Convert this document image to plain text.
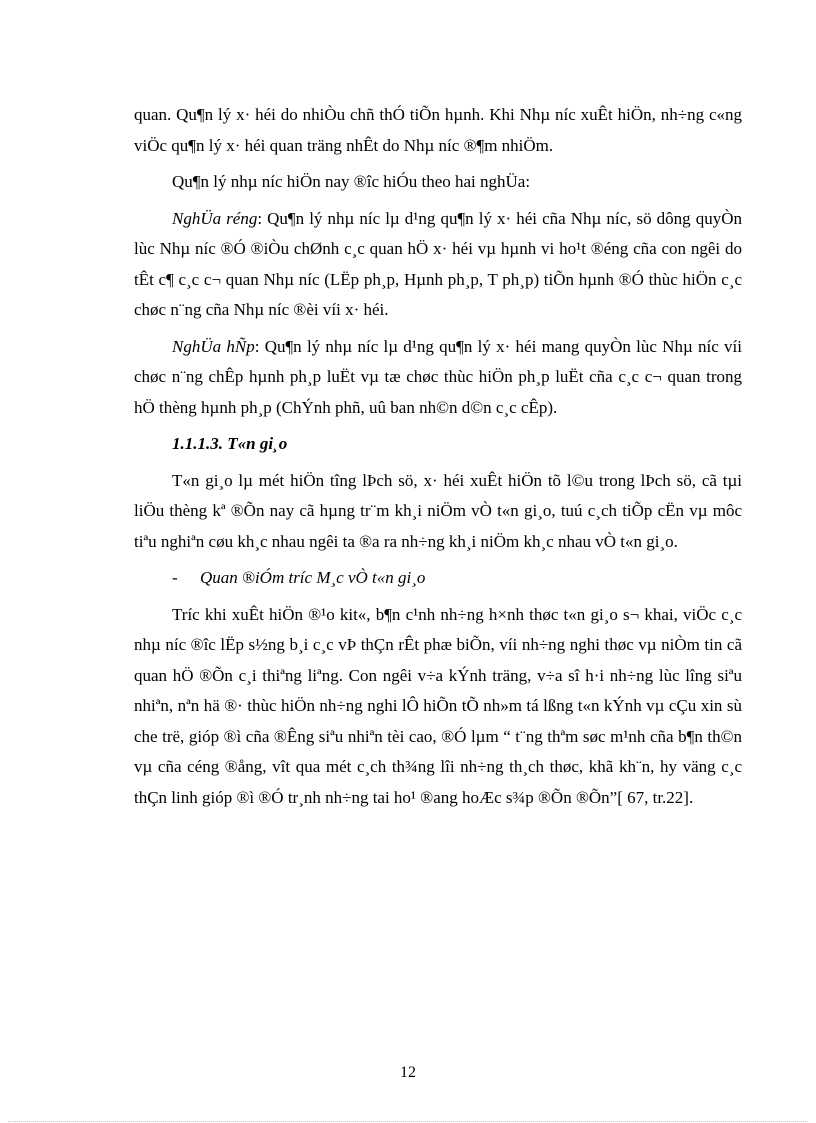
quan. Qu¶n lý x· héi do nhiÒu chñ thÓ tiÕn hµnh. Khi Nhµ níc xuÊt hiÖn, nh÷ng c«ng viÖc qu¶n lý x· héi quan träng nhÊt do Nhµ níc ®¶m nhiÖm.

Qu¶n lý nhµ níc hiÖn nay ®îc hiÓu theo hai nghÜa:

NghÜa réng: Qu¶n lý nhµ níc lµ d¹ng qu¶n lý x· héi cña Nhµ níc, sö dông quyÒn lùc Nhµ níc ®Ó ®iÒu chØnh c¸c quan hÖ x· héi vµ hµnh vi ho¹t ®éng cña con ngêi do tÊt c¶ c¸c c¬ quan Nhµ níc (LËp ph¸p, Hµnh ph¸p, T ph¸p) tiÕn hµnh ®Ó thùc hiÖn c¸c chøc n¨ng cña Nhµ níc ®èi víi x· héi.

NghÜa hÑp: Qu¶n lý nhµ níc lµ d¹ng qu¶n lý x· héi mang quyÒn lùc Nhµ níc víi chøc n¨ng chÊp hµnh ph¸p luËt vµ tæ chøc thùc hiÖn ph¸p luËt cña c¸c c¬ quan trong hÖ thèng hµnh ph¸p (ChÝnh phñ, uû ban nh©n d©n c¸c cÊp).

1.1.1.3. T«n gi¸o

T«n gi¸o lµ mét hiÖn tîng lÞch sö, x· héi xuÊt hiÖn tõ l©u trong lÞch sö, cã tµi liÖu thèng kª ®Õn nay cã hµng tr¨m kh¸i niÖm vÒ t«n gi¸o, tuú c¸ch tiÕp cËn vµ môc tiªu nghiªn cøu kh¸c nhau ngêi ta ®a ra nh÷ng kh¸i niÖm kh¸c nhau vÒ t«n gi¸o.

-	Quan ®iÓm tríc M¸c vÒ t«n gi¸o

Tríc khi xuÊt hiÖn ®¹o kit«, b¶n c¹nh nh÷ng h×nh thøc t«n gi¸o s¬ khai, viÖc c¸c nhµ níc ®îc lËp s½ng b¸i c¸c vÞ thÇn rÊt phæ biÕn, víi nh÷ng nghi thøc vµ niÒm tin cã quan hÖ ®Õn c¸i thiªng liªng. Con ngêi v÷a kÝnh träng, v÷a sî h·i nh÷ng lùc lîng siªu nhiªn, nªn hä ®· thùc hiÖn nh÷ng nghi lÔ hiÕn tÕ nh»m tá lßng t«n kÝnh vµ cÇu xin sù che trë, gióp ®ì cña ®Êng siªu nhiªn tèi cao, ®Ó lµm “ t¨ng thªm søc m¹nh cña b¶n th©n vµ cña céng ®ång, vît qua mét c¸ch th¾ng lîi nh÷ng th¸ch thøc, khã kh¨n, hy väng c¸c thÇn linh gióp ®ì ®Ó tr¸nh nh÷ng tai ho¹ ®ang hoÆc s¾p ®Õn ®Õn”[ 67, tr.22].

12
